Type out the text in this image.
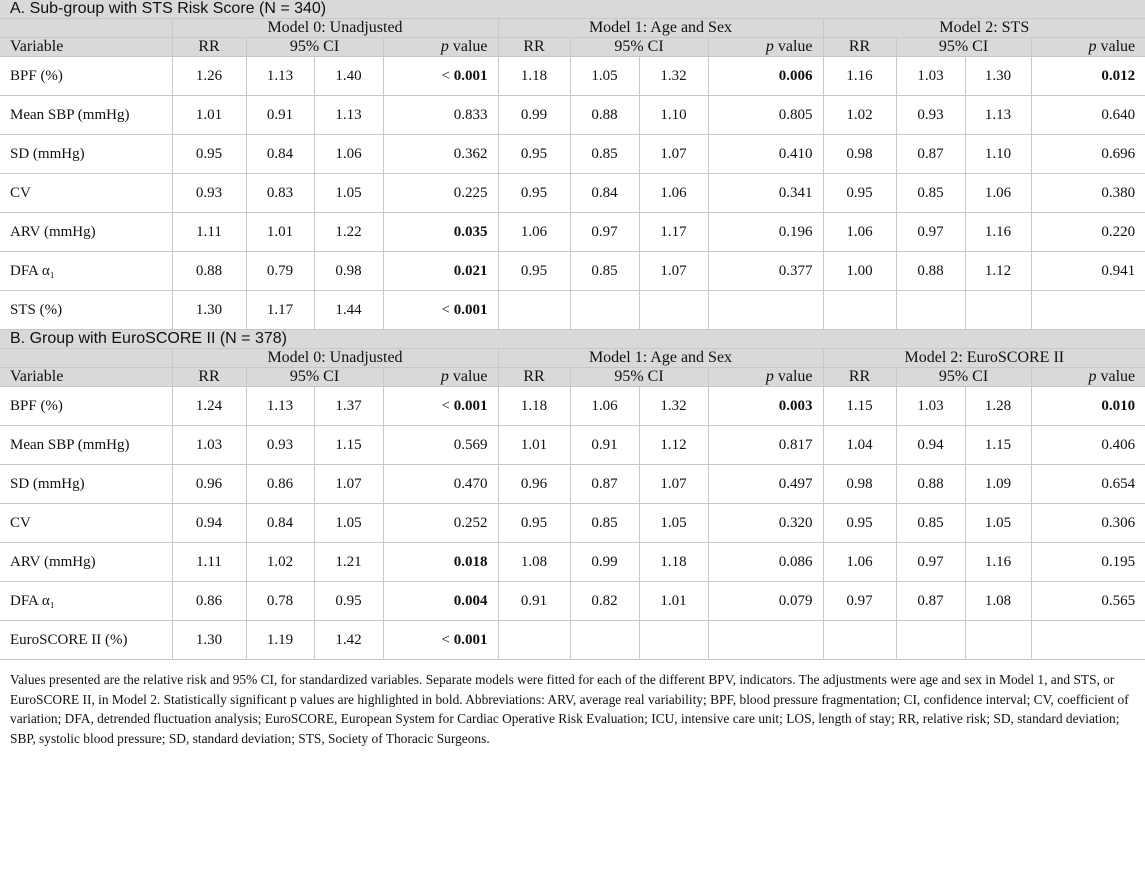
A. Sub-group with STS Risk Score (N = 340)												
	Model 0: Unadjusted				Model 1: Age and Sex				Model 2: STS			
Variable	RR	95% CI		p value	RR	95% CI		p value	RR	95% CI		p value
BPF (%)	1.26	1.13	1.40	< 0.001	1.18	1.05	1.32	0.006	1.16	1.03	1.30	0.012
Mean SBP (mmHg)	1.01	0.91	1.13	0.833	0.99	0.88	1.10	0.805	1.02	0.93	1.13	0.640
SD (mmHg)	0.95	0.84	1.06	0.362	0.95	0.85	1.07	0.410	0.98	0.87	1.10	0.696
CV	0.93	0.83	1.05	0.225	0.95	0.84	1.06	0.341	0.95	0.85	1.06	0.380
ARV (mmHg)	1.11	1.01	1.22	0.035	1.06	0.97	1.17	0.196	1.06	0.97	1.16	0.220
DFA α₁	0.88	0.79	0.98	0.021	0.95	0.85	1.07	0.377	1.00	0.88	1.12	0.941
STS (%)	1.30	1.17	1.44	< 0.001								
B. Group with EuroSCORE II (N = 378)												
	Model 0: Unadjusted				Model 1: Age and Sex				Model 2: EuroSCORE II			
Variable	RR	95% CI		p value	RR	95% CI		p value	RR	95% CI		p value
BPF (%)	1.24	1.13	1.37	< 0.001	1.18	1.06	1.32	0.003	1.15	1.03	1.28	0.010
Mean SBP (mmHg)	1.03	0.93	1.15	0.569	1.01	0.91	1.12	0.817	1.04	0.94	1.15	0.406
SD (mmHg)	0.96	0.86	1.07	0.470	0.96	0.87	1.07	0.497	0.98	0.88	1.09	0.654
CV	0.94	0.84	1.05	0.252	0.95	0.85	1.05	0.320	0.95	0.85	1.05	0.306
ARV (mmHg)	1.11	1.02	1.21	0.018	1.08	0.99	1.18	0.086	1.06	0.97	1.16	0.195
DFA α₁	0.86	0.78	0.95	0.004	0.91	0.82	1.01	0.079	0.97	0.87	1.08	0.565
EuroSCORE II (%)	1.30	1.19	1.42	< 0.001								
Values presented are the relative risk and 95% CI, for standardized variables. Separate models were fitted for each of the different BPV, indicators. The adjustments were age and sex in Model 1, and STS, or EuroSCORE II, in Model 2. Statistically significant p values are highlighted in bold. Abbreviations: ARV, average real variability; BPF, blood pressure fragmentation; CI, confidence interval; CV, coefficient of variation; DFA, detrended fluctuation analysis; EuroSCORE, European System for Cardiac Operative Risk Evaluation; ICU, intensive care unit; LOS, length of stay; RR, relative risk; SD, standard deviation; SBP, systolic blood pressure; SD, standard deviation; STS, Society of Thoracic Surgeons.
